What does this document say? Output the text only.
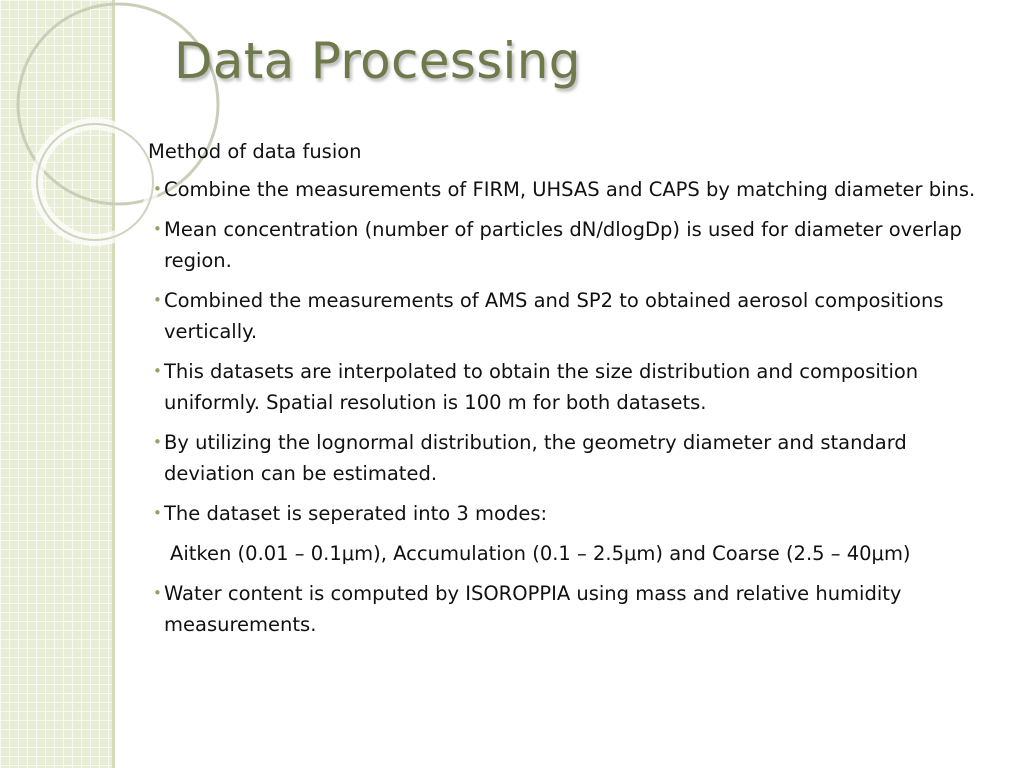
Data Processing

Method of data fusion

• Combine the measurements of FIRM, UHSAS and CAPS by matching diameter bins.
• Mean concentration (number of particles dN/dlogDp) is used for diameter overlap region.
• Combined the measurements of AMS and SP2 to obtained aerosol compositions vertically.
• This datasets are interpolated to obtain the size distribution and composition uniformly. Spatial resolution is 100 m for both datasets.
• By utilizing the lognormal distribution, the geometry diameter and standard deviation can be estimated.
• The dataset is seperated into 3 modes:

Aitken (0.01 – 0.1μm), Accumulation (0.1 – 2.5μm) and Coarse (2.5 – 40μm)

• Water content is computed by ISOROPPIA using mass and relative humidity measurements.
